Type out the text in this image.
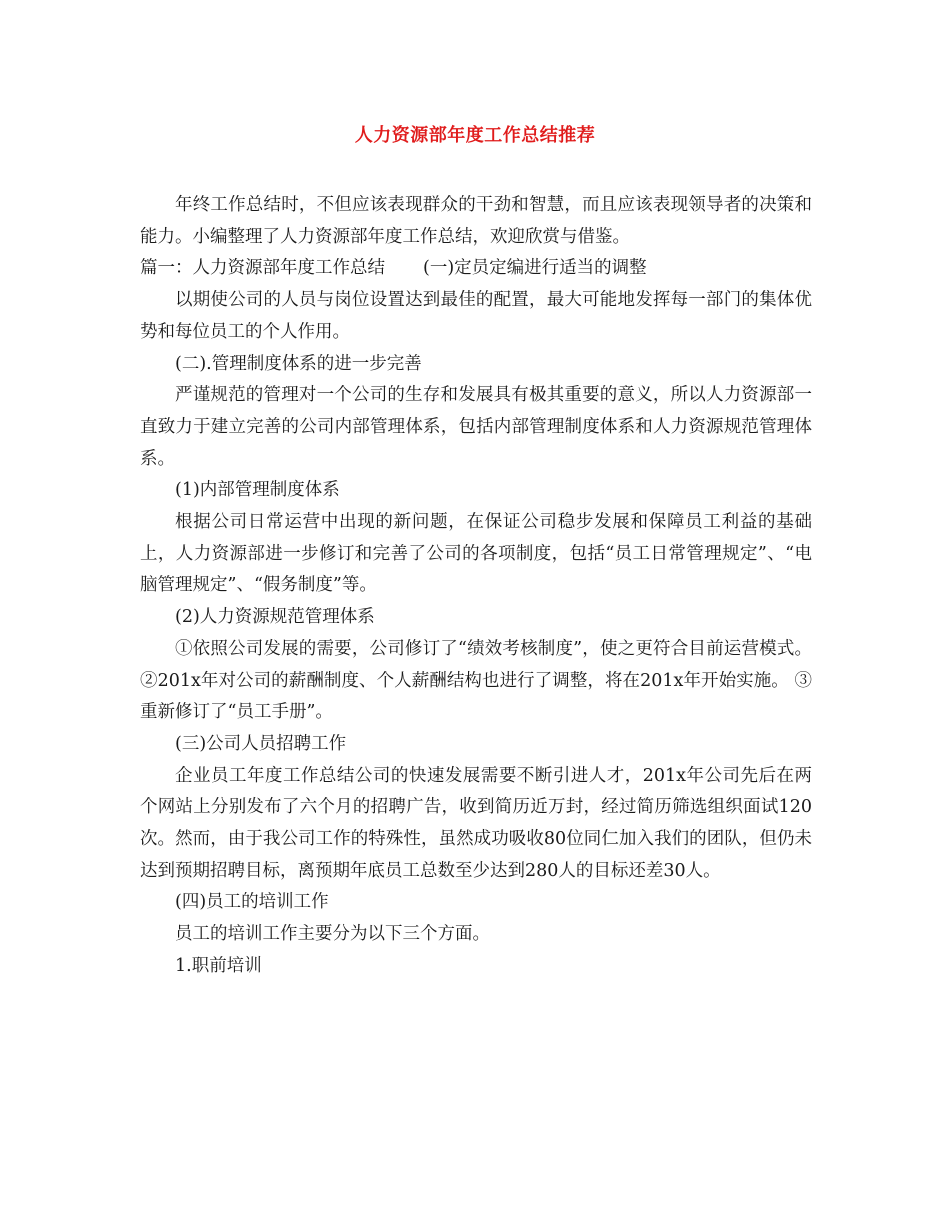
人力资源部年度工作总结推荐

年终工作总结时，不但应该表现群众的干劲和智慧，而且应该表现领导者的决策和能力。小编整理了人力资源部年度工作总结，欢迎欣赏与借鉴。

篇一：人力资源部年度工作总结 (一)定员定编进行适当的调整

以期使公司的人员与岗位设置达到最佳的配置，最大可能地发挥每一部门的集体优势和每位员工的个人作用。

(二).管理制度体系的进一步完善

严谨规范的管理对一个公司的生存和发展具有极其重要的意义，所以人力资源部一直致力于建立完善的公司内部管理体系，包括内部管理制度体系和人力资源规范管理体系。

(1)内部管理制度体系

根据公司日常运营中出现的新问题，在保证公司稳步发展和保障员工利益的基础上，人力资源部进一步修订和完善了公司的各项制度，包括“员工日常管理规定”、“电脑管理规定”、“假务制度”等。

(2)人力资源规范管理体系

①依照公司发展的需要，公司修订了“绩效考核制度”，使之更符合目前运营模式。 ②201x年对公司的薪酬制度、个人薪酬结构也进行了调整，将在201x年开始实施。 ③重新修订了“员工手册”。

(三)公司人员招聘工作

企业员工年度工作总结公司的快速发展需要不断引进人才，201x年公司先后在两个网站上分别发布了六个月的招聘广告，收到简历近万封，经过简历筛选组织面试120次。然而，由于我公司工作的特殊性，虽然成功吸收80位同仁加入我们的团队，但仍未达到预期招聘目标，离预期年底员工总数至少达到280人的目标还差30人。

(四)员工的培训工作

员工的培训工作主要分为以下三个方面。

1.职前培训
